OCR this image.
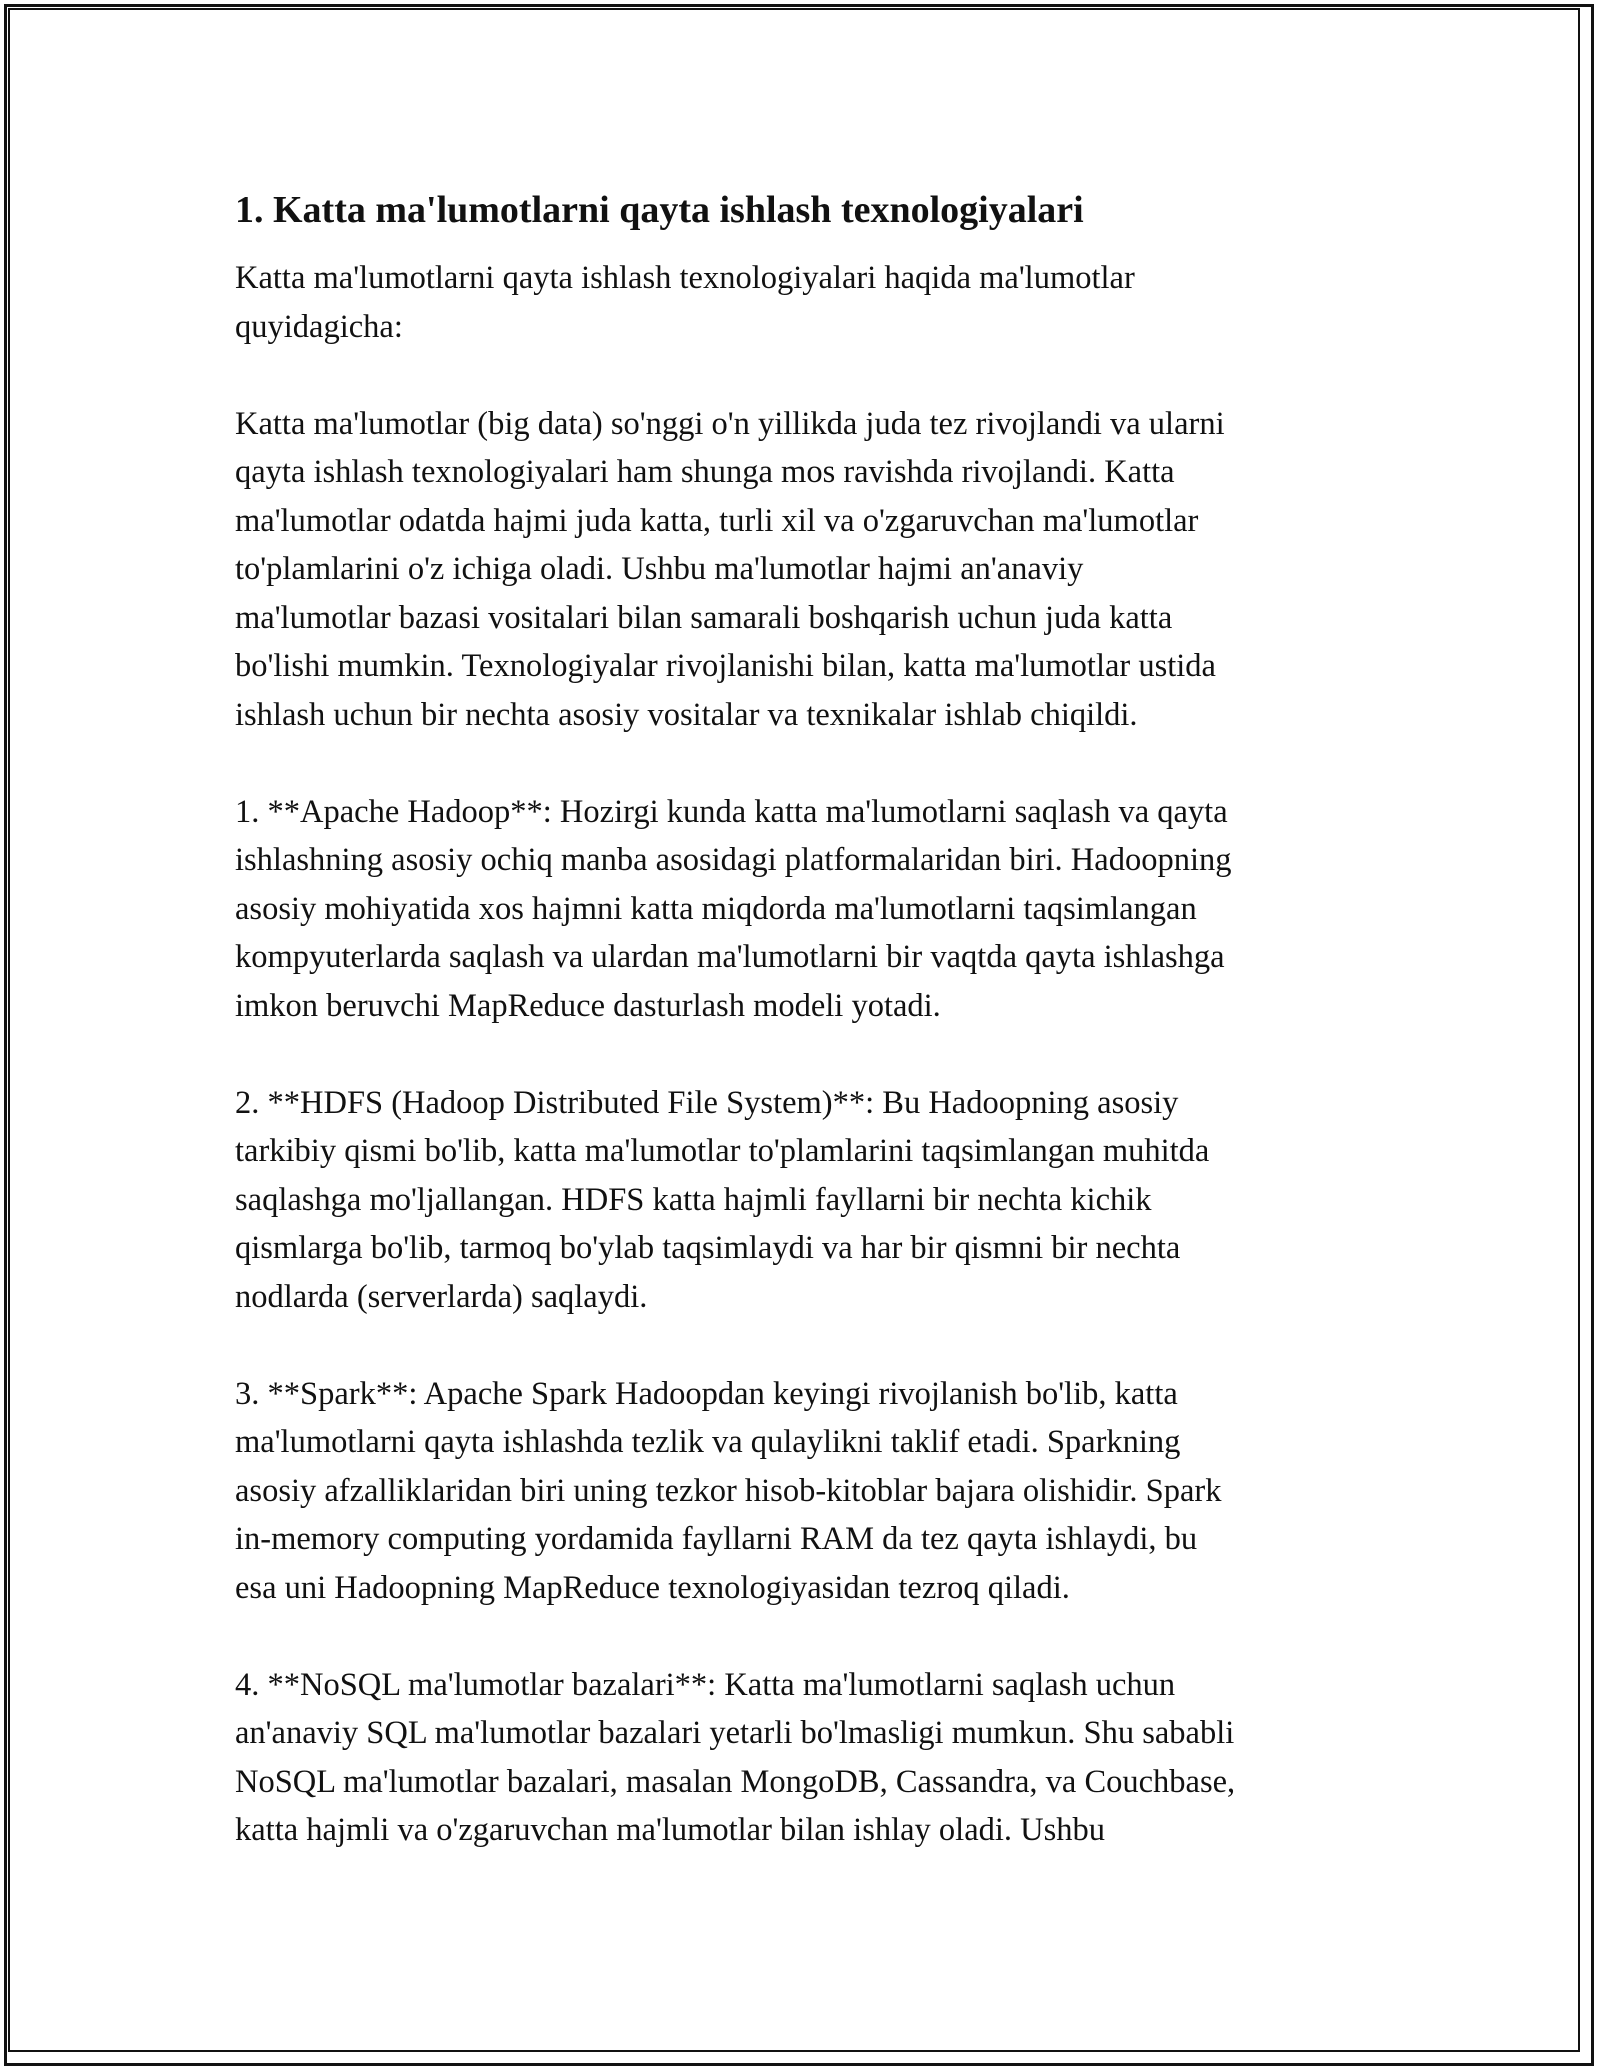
1. Katta ma'lumotlarni qayta ishlash texnologiyalari
Katta ma'lumotlarni qayta ishlash texnologiyalari haqida ma'lumotlar
quyidagicha:
Katta ma'lumotlar (big data) so'nggi o'n yillikda juda tez rivojlandi va ularni
qayta ishlash texnologiyalari ham shunga mos ravishda rivojlandi. Katta
ma'lumotlar odatda hajmi juda katta, turli xil va o'zgaruvchan ma'lumotlar
to'plamlarini o'z ichiga oladi. Ushbu ma'lumotlar hajmi an'anaviy
ma'lumotlar bazasi vositalari bilan samarali boshqarish uchun juda katta
bo'lishi mumkin. Texnologiyalar rivojlanishi bilan, katta ma'lumotlar ustida
ishlash uchun bir nechta asosiy vositalar va texnikalar ishlab chiqildi.
1. **Apache Hadoop**: Hozirgi kunda katta ma'lumotlarni saqlash va qayta
ishlashning asosiy ochiq manba asosidagi platformalaridan biri. Hadoopning
asosiy mohiyatida xos hajmni katta miqdorda ma'lumotlarni taqsimlangan
kompyuterlarda saqlash va ulardan ma'lumotlarni bir vaqtda qayta ishlashga
imkon beruvchi MapReduce dasturlash modeli yotadi.
2. **HDFS (Hadoop Distributed File System)**: Bu Hadoopning asosiy
tarkibiy qismi bo'lib, katta ma'lumotlar to'plamlarini taqsimlangan muhitda
saqlashga mo'ljallangan. HDFS katta hajmli fayllarni bir nechta kichik
qismlarga bo'lib, tarmoq bo'ylab taqsimlaydi va har bir qismni bir nechta
nodlarda (serverlarda) saqlaydi.
3. **Spark**: Apache Spark Hadoopdan keyingi rivojlanish bo'lib, katta
ma'lumotlarni qayta ishlashda tezlik va qulaylikni taklif etadi. Sparkning
asosiy afzalliklaridan biri uning tezkor hisob-kitoblar bajara olishidir. Spark
in-memory computing yordamida fayllarni RAM da tez qayta ishlaydi, bu
esa uni Hadoopning MapReduce texnologiyasidan tezroq qiladi.
4. **NoSQL ma'lumotlar bazalari**: Katta ma'lumotlarni saqlash uchun
an'anaviy SQL ma'lumotlar bazalari yetarli bo'lmasligi mumkun. Shu sababli
NoSQL ma'lumotlar bazalari, masalan MongoDB, Cassandra, va Couchbase,
katta hajmli va o'zgaruvchan ma'lumotlar bilan ishlay oladi. Ushbu
